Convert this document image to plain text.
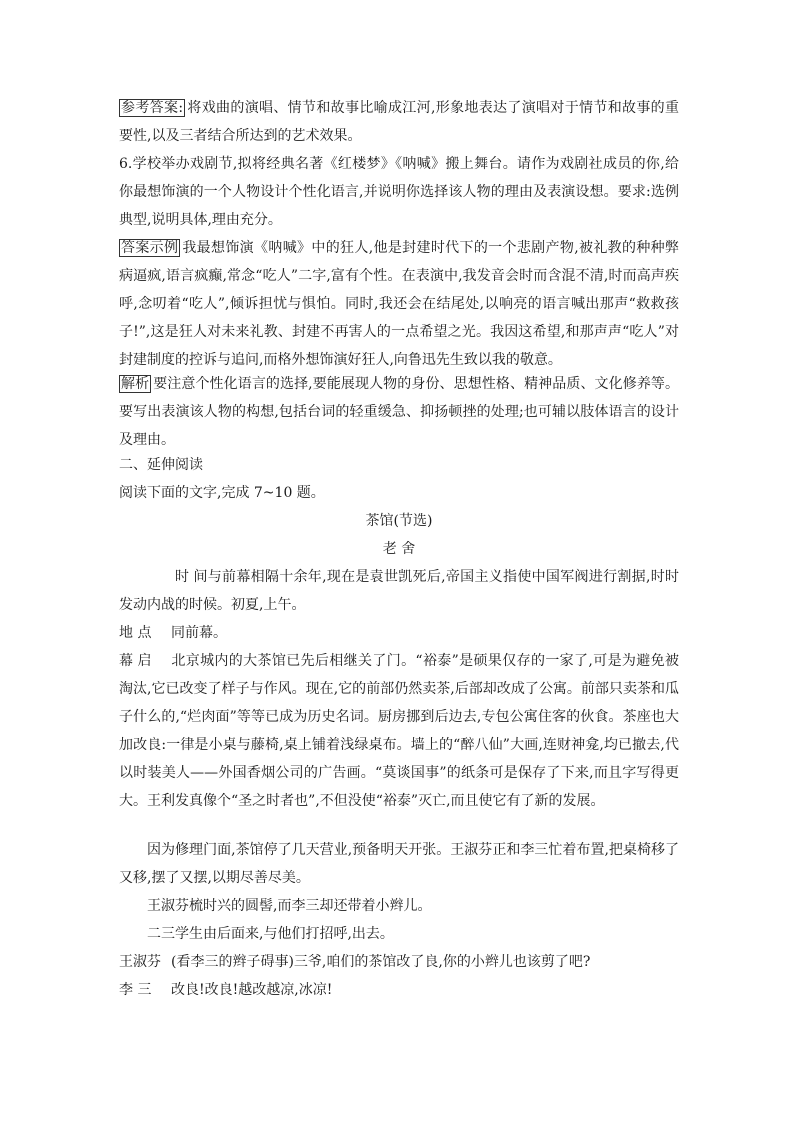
参考答案: 将戏曲的演唱、情节和故事比喻成江河,形象地表达了演唱对于情节和故事的重要性,以及三者结合所达到的艺术效果。
6.学校举办戏剧节,拟将经典名著《红楼梦》《呐喊》搬上舞台。请作为戏剧社成员的你,给你最想饰演的一个人物设计个性化语言,并说明你选择该人物的理由及表演设想。要求:选例典型,说明具体,理由充分。
答案示例 我最想饰演《呐喊》中的狂人,他是封建时代下的一个悲剧产物,被礼教的种种弊病逼疯,语言疯癫,常念“吃人”二字,富有个性。在表演中,我发音会时而含混不清,时而高声疾呼,念叨着“吃人”,倾诉担忧与惧怕。同时,我还会在结尾处,以响亮的语言喊出那声“救救孩子!”,这是狂人对未来礼教、封建不再害人的一点希望之光。我因这希望,和那声声“吃人”对封建制度的控诉与追问,而格外想饰演好狂人,向鲁迅先生致以我的敬意。
解析 要注意个性化语言的选择,要能展现人物的身份、思想性格、精神品质、文化修养等。要写出表演该人物的构想,包括台词的轻重缓急、抑扬顿挫的处理;也可辅以肢体语言的设计及理由。
二、延伸阅读
阅读下面的文字,完成 7~10 题。
茶馆(节选)
老 舍
时 间与前幕相隔十余年,现在是袁世凯死后,帝国主义指使中国军阀进行割据,时时发动内战的时候。初夏,上午。
地 点 同前幕。
幕 启 北京城内的大茶馆已先后相继关了门。“裕泰”是硕果仅存的一家了,可是为避免被淘汰,它已改变了样子与作风。现在,它的前部仍然卖茶,后部却改成了公寓。前部只卖茶和瓜子什么的,“烂肉面”等等已成为历史名词。厨房挪到后边去,专包公寓住客的伙食。茶座也大加改良:一律是小桌与藤椅,桌上铺着浅绿桌布。墙上的“醉八仙”大画,连财神龛,均已撤去,代以时装美人——外国香烟公司的广告画。“莫谈国事”的纸条可是保存了下来,而且字写得更大。王利发真像个“圣之时者也”,不但没使“裕泰”灭亡,而且使它有了新的发展。
因为修理门面,茶馆停了几天营业,预备明天开张。王淑芬正和李三忙着布置,把桌椅移了又移,摆了又摆,以期尽善尽美。
王淑芬梳时兴的圆髻,而李三却还带着小辫儿。
二三学生由后面来,与他们打招呼,出去。
王淑芬 (看李三的辫子碍事)三爷,咱们的茶馆改了良,你的小辫儿也该剪了吧?
李 三 改良!改良!越改越凉,冰凉!
